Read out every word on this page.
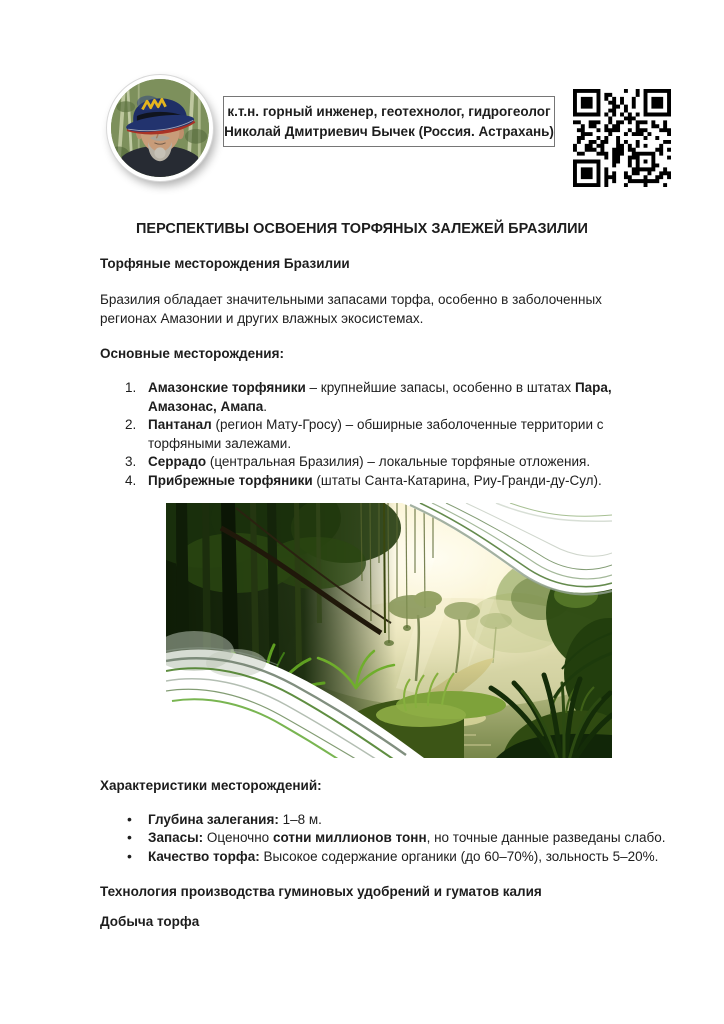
к.т.н. горный инженер, геотехнолог, гидрогеолог
Николай Дмитриевич Бычек (Россия. Астрахань)
ПЕРСПЕКТИВЫ ОСВОЕНИЯ ТОРФЯНЫХ ЗАЛЕЖЕЙ БРАЗИЛИИ
Торфяные месторождения Бразилии
Бразилия обладает значительными запасами торфа, особенно в заболоченных регионах Амазонии и других влажных экосистемах.
Основные месторождения:
1. Амазонские торфяники – крупнейшие запасы, особенно в штатах Пара, Амазонас, Амапа.
2. Пантанал (регион Мату-Гросу) – обширные заболоченные территории с торфяными залежами.
3. Серрадо (центральная Бразилия) – локальные торфяные отложения.
4. Прибрежные торфяники (штаты Санта-Катарина, Риу-Гранди-ду-Сул).
Характеристики месторождений:
• Глубина залегания: 1–8 м.
• Запасы: Оценочно сотни миллионов тонн, но точные данные разведаны слабо.
• Качество торфа: Высокое содержание органики (до 60–70%), зольность 5–20%.
Технология производства гуминовых удобрений и гуматов калия
Добыча торфа
